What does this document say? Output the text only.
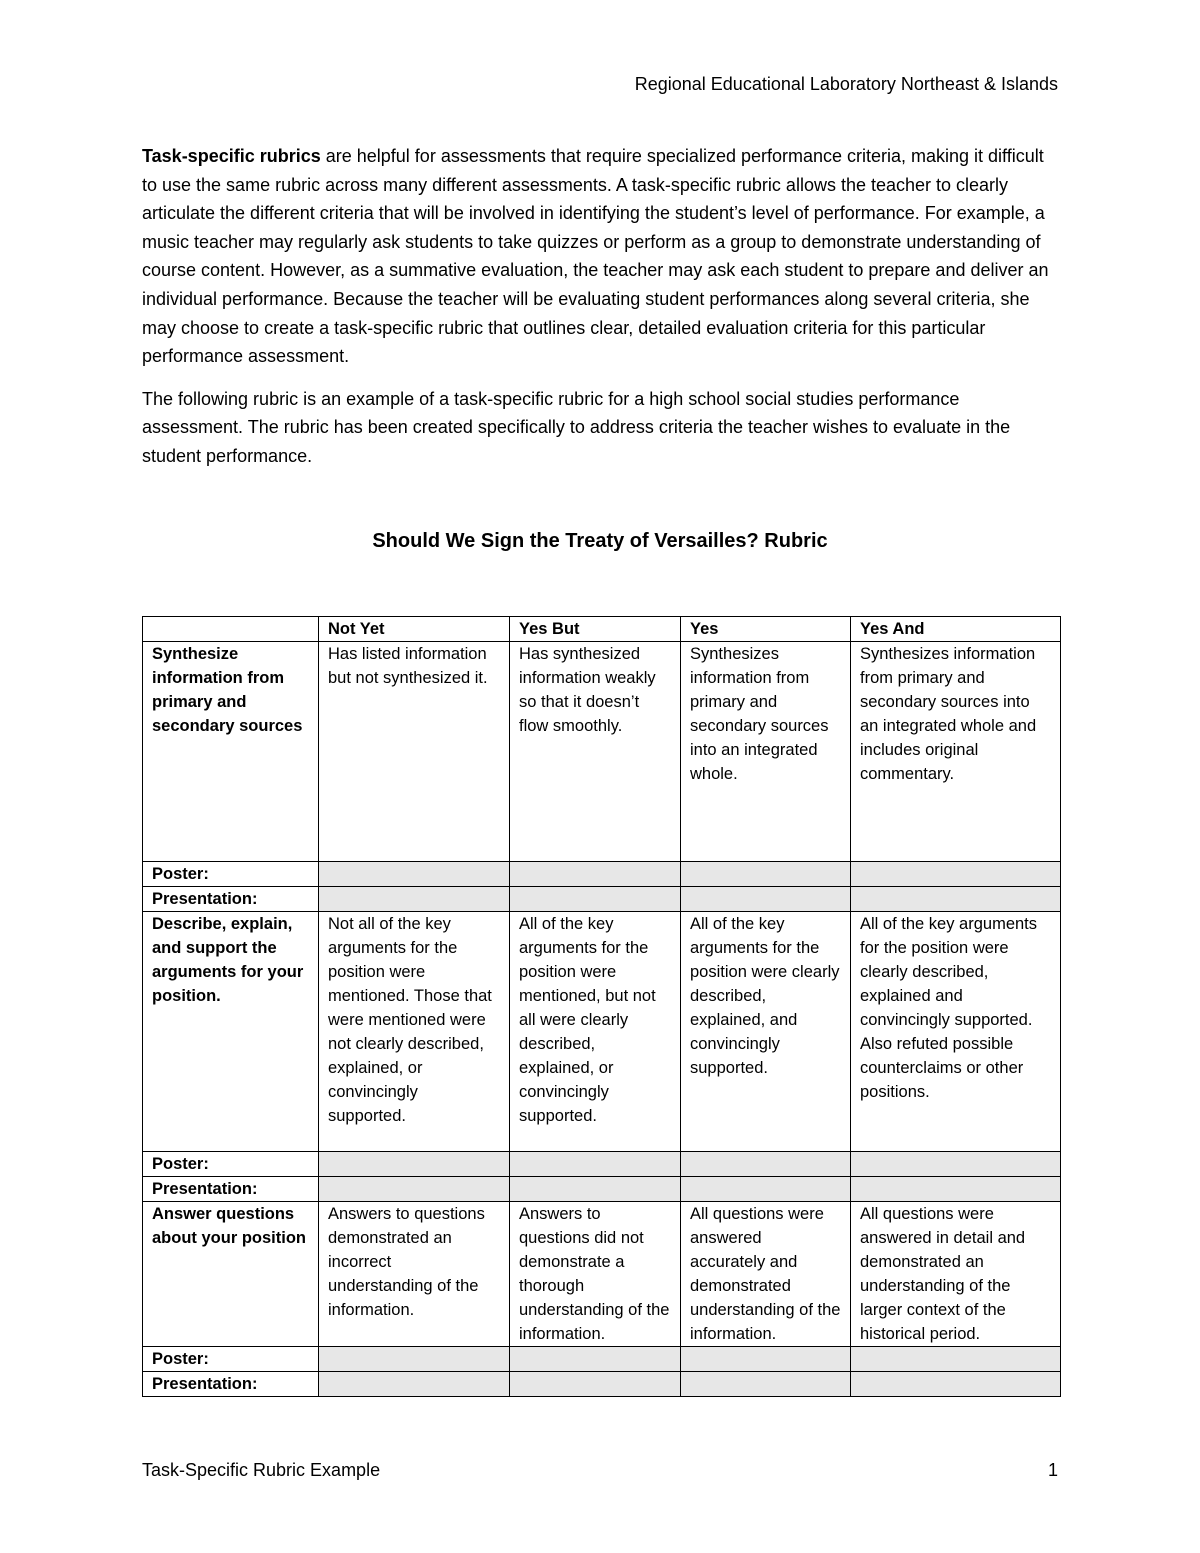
Regional Educational Laboratory Northeast & Islands

Task-specific rubrics are helpful for assessments that require specialized performance criteria, making it difficult to use the same rubric across many different assessments. A task-specific rubric allows the teacher to clearly articulate the different criteria that will be involved in identifying the student’s level of performance. For example, a music teacher may regularly ask students to take quizzes or perform as a group to demonstrate understanding of course content. However, as a summative evaluation, the teacher may ask each student to prepare and deliver an individual performance. Because the teacher will be evaluating student performances along several criteria, she may choose to create a task-specific rubric that outlines clear, detailed evaluation criteria for this particular performance assessment.

The following rubric is an example of a task-specific rubric for a high school social studies performance assessment. The rubric has been created specifically to address criteria the teacher wishes to evaluate in the student performance.

Should We Sign the Treaty of Versailles? Rubric
	Not Yet	Yes But	Yes	Yes And
Synthesize information from primary and secondary sources	Has listed information but not synthesized it.	Has synthesized information weakly so that it doesn’t flow smoothly.	Synthesizes information from primary and secondary sources into an integrated whole.	Synthesizes information from primary and secondary sources into an integrated whole and includes original commentary.
Poster:				
Presentation:				
Describe, explain, and support the arguments for your position.	Not all of the key arguments for the position were mentioned. Those that were mentioned were not clearly described, explained, or convincingly supported.	All of the key arguments for the position were mentioned, but not all were clearly described, explained, or convincingly supported.	All of the key arguments for the position were clearly described, explained, and convincingly supported.	All of the key arguments for the position were clearly described, explained and convincingly supported. Also refuted possible counterclaims or other positions.
Poster:				
Presentation:				
Answer questions about your position	Answers to questions demonstrated an incorrect understanding of the information.	Answers to questions did not demonstrate a thorough understanding of the information.	All questions were answered accurately and demonstrated understanding of the information.	All questions were answered in detail and demonstrated an understanding of the larger context of the historical period.
Poster:				
Presentation:				
Task-Specific Rubric Example	1
